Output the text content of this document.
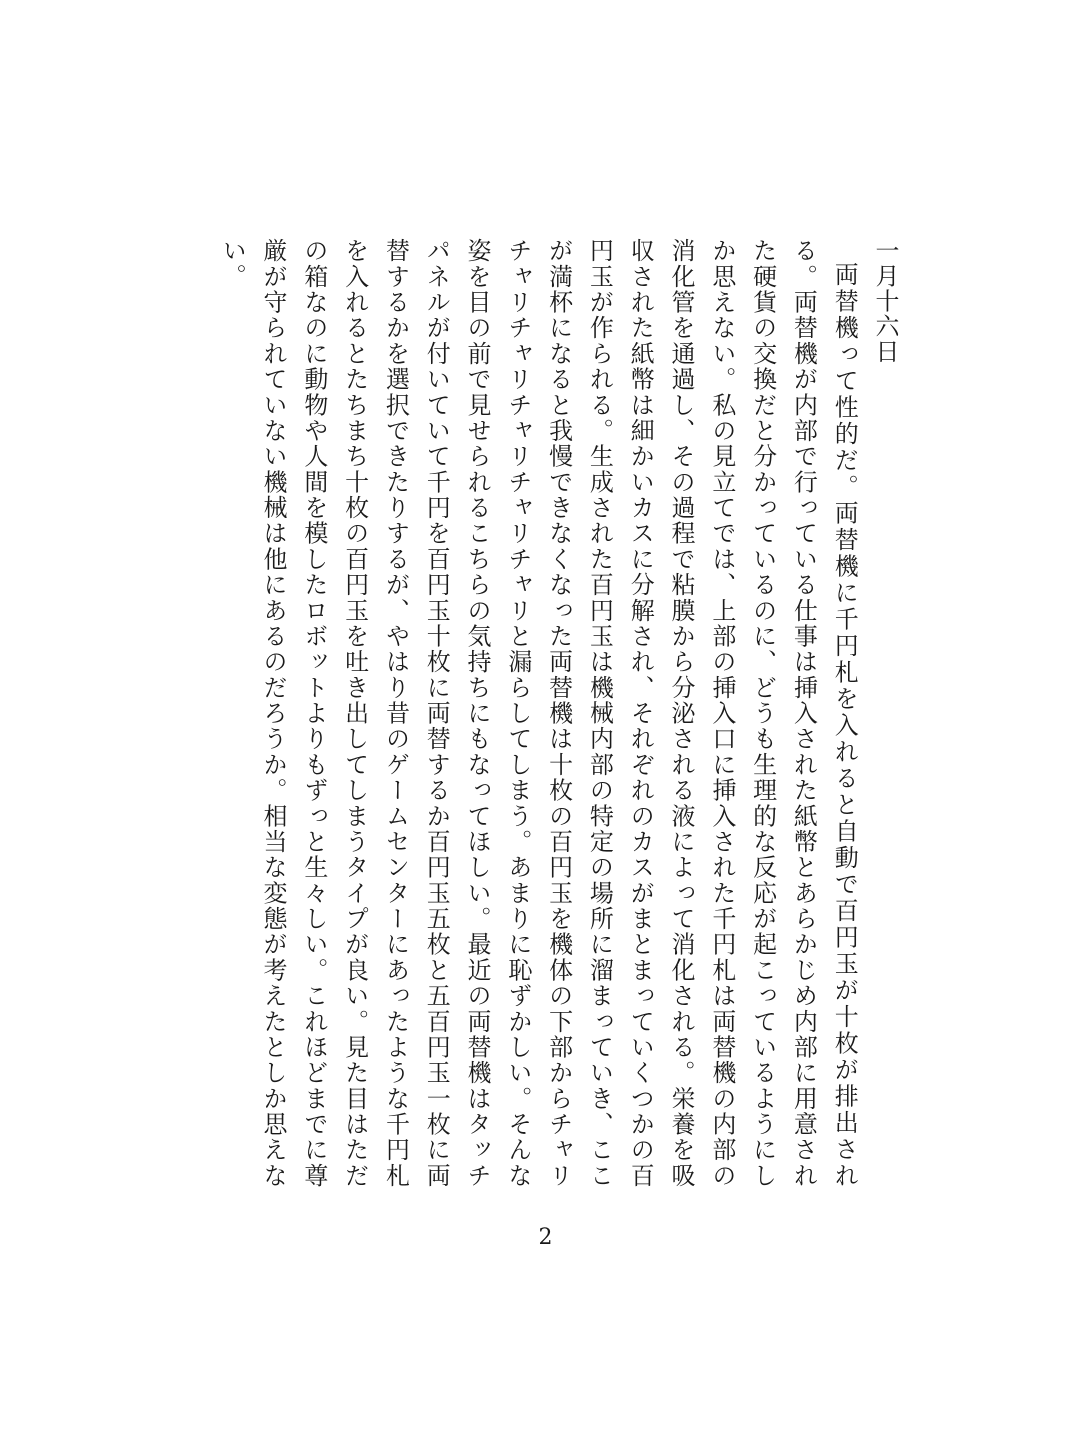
一月十六日

両替機って性的だ。両替機に千円札を入れると自動で百円玉が十枚が排出される。両替機が内部で行っている仕事は挿入された紙幣とあらかじめ内部に用意された硬貨の交換だと分かっているのに、どうも生理的な反応が起こっているようにしか思えない。私の見立てでは、上部の挿入口に挿入された千円札は両替機の内部の消化管を通過し、その過程で粘膜から分泌される液によって消化される。栄養を吸収された紙幣は細かいカスに分解され、それぞれのカスがまとまっていくつかの百円玉が作られる。生成された百円玉は機械内部の特定の場所に溜まっていき、ここが満杯になると我慢できなくなった両替機は十枚の百円玉を機体の下部からチャリチャリチャリチャリチャリチャリと漏らしてしまう。あまりに恥ずかしい。そんな姿を目の前で見せられるこちらの気持ちにもなってほしい。最近の両替機はタッチパネルが付いていて千円を百円玉十枚に両替するか百円玉五枚と五百円玉一枚に両替するかを選択できたりするが、やはり昔のゲームセンターにあったような千円札を入れるとたちまち十枚の百円玉を吐き出してしまうタイプが良い。見た目はただの箱なのに動物や人間を模したロボットよりもずっと生々しい。これほどまでに尊厳が守られていない機械は他にあるのだろうか。相当な変態が考えたとしか思えない。

2
